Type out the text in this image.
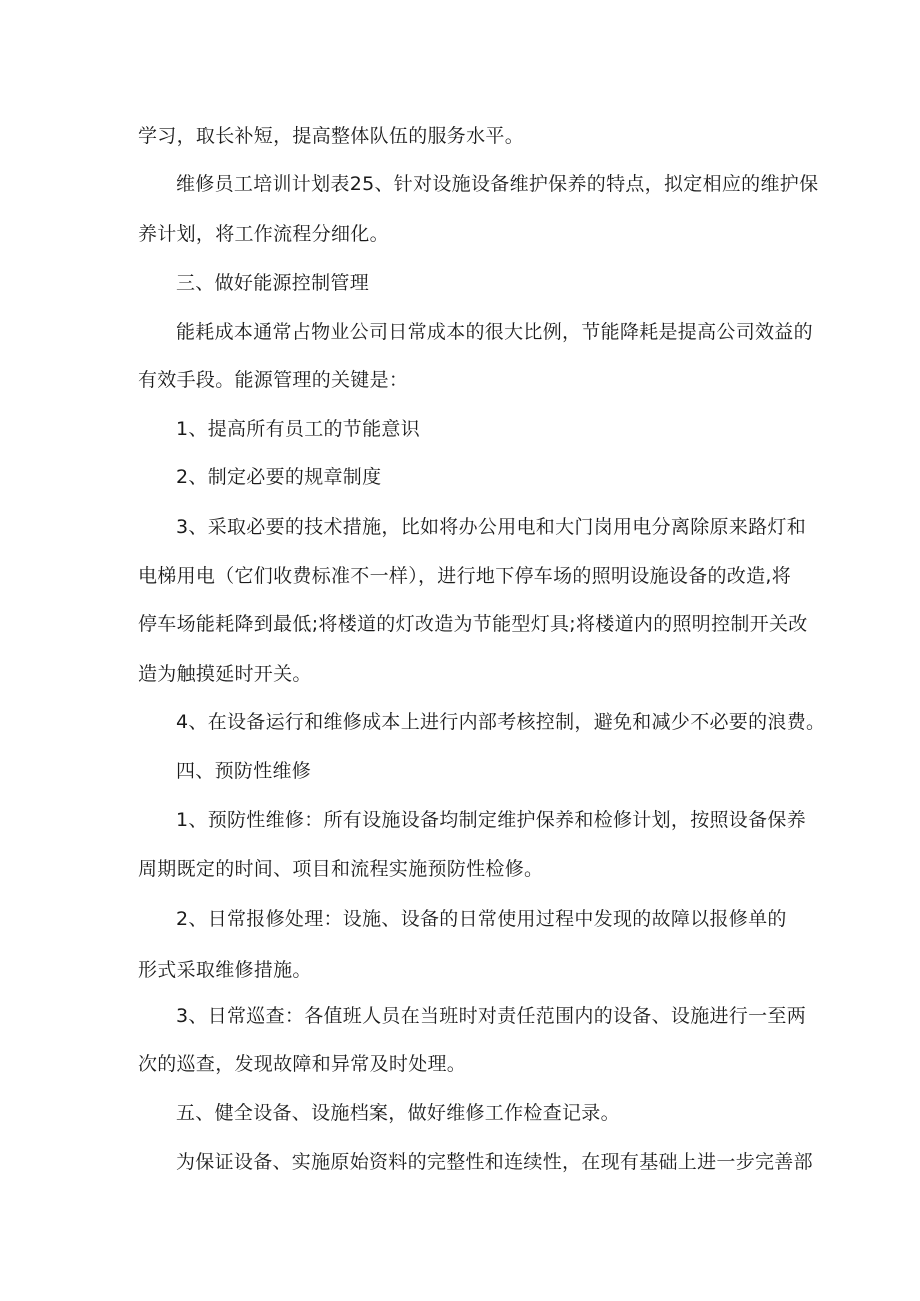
学习，取长补短，提高整体队伍的服务水平。
维修员工培训计划表25、针对设施设备维护保养的特点，拟定相应的维护保
养计划，将工作流程分细化。
三、做好能源控制管理
能耗成本通常占物业公司日常成本的很大比例，节能降耗是提高公司效益的
有效手段。能源管理的关键是：
1、提高所有员工的节能意识
2、制定必要的规章制度
3、采取必要的技术措施，比如将办公用电和大门岗用电分离除原来路灯和
电梯用电（它们收费标准不一样），进行地下停车场的照明设施设备的改造,将
停车场能耗降到最低;将楼道的灯改造为节能型灯具;将楼道内的照明控制开关改
造为触摸延时开关。
4、在设备运行和维修成本上进行内部考核控制，避免和减少不必要的浪费。
四、预防性维修
1、预防性维修：所有设施设备均制定维护保养和检修计划，按照设备保养
周期既定的时间、项目和流程实施预防性检修。
2、日常报修处理：设施、设备的日常使用过程中发现的故障以报修单的
形式采取维修措施。
3、日常巡查：各值班人员在当班时对责任范围内的设备、设施进行一至两
次的巡查，发现故障和异常及时处理。
五、健全设备、设施档案，做好维修工作检查记录。
为保证设备、实施原始资料的完整性和连续性，在现有基础上进一步完善部
